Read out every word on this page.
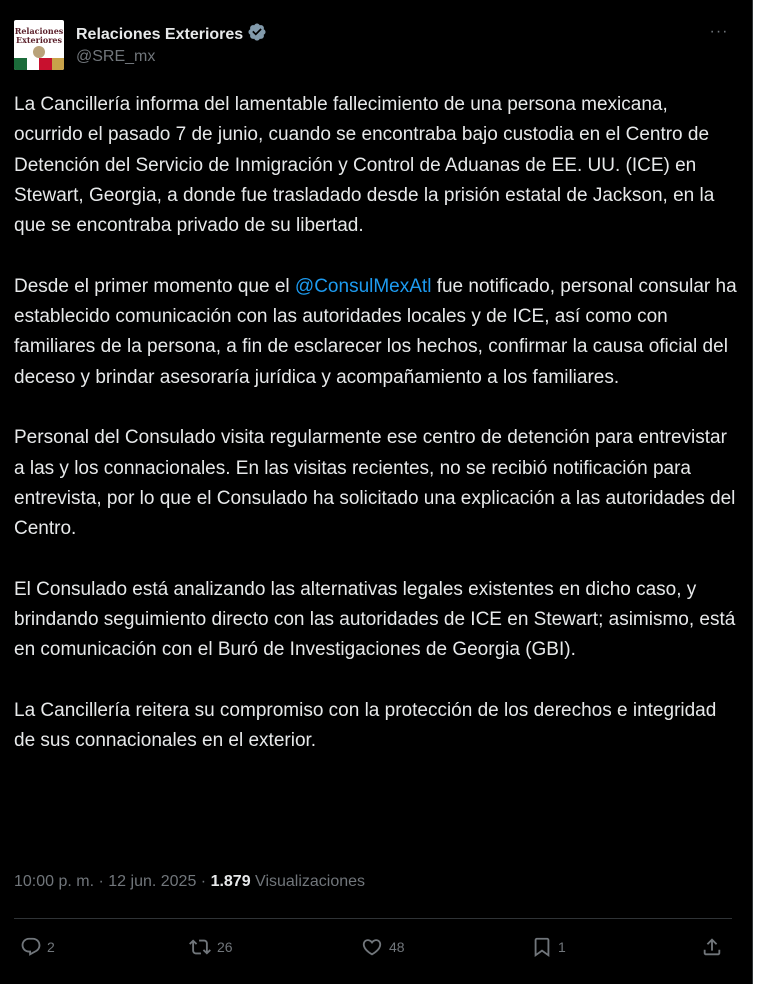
Relaciones
Exteriores Relaciones Exteriores
@SRE_mx
···

La Cancillería informa del lamentable fallecimiento de una persona mexicana, ocurrido el pasado 7 de junio, cuando se encontraba bajo custodia en el Centro de Detención del Servicio de Inmigración y Control de Aduanas de EE. UU. (ICE) en Stewart, Georgia, a donde fue trasladado desde la prisión estatal de Jackson, en la que se encontraba privado de su libertad.

Desde el primer momento que el @ConsulMexAtl fue notificado, personal consular ha establecido comunicación con las autoridades locales y de ICE, así como con familiares de la persona, a fin de esclarecer los hechos, confirmar la causa oficial del deceso y brindar asesoraría jurídica y acompañamiento a los familiares.

Personal del Consulado visita regularmente ese centro de detención para entrevistar a las y los connacionales. En las visitas recientes, no se recibió notificación para entrevista, por lo que el Consulado ha solicitado una explicación a las autoridades del Centro.

El Consulado está analizando las alternativas legales existentes en dicho caso, y brindando seguimiento directo con las autoridades de ICE en Stewart; asimismo, está en comunicación con el Buró de Investigaciones de Georgia (GBI).

La Cancillería reitera su compromiso con la protección de los derechos e integridad de sus connacionales en el exterior.

10:00 p. m. · 12 jun. 2025 · 1.879 Visualizaciones
2	26	48	1
